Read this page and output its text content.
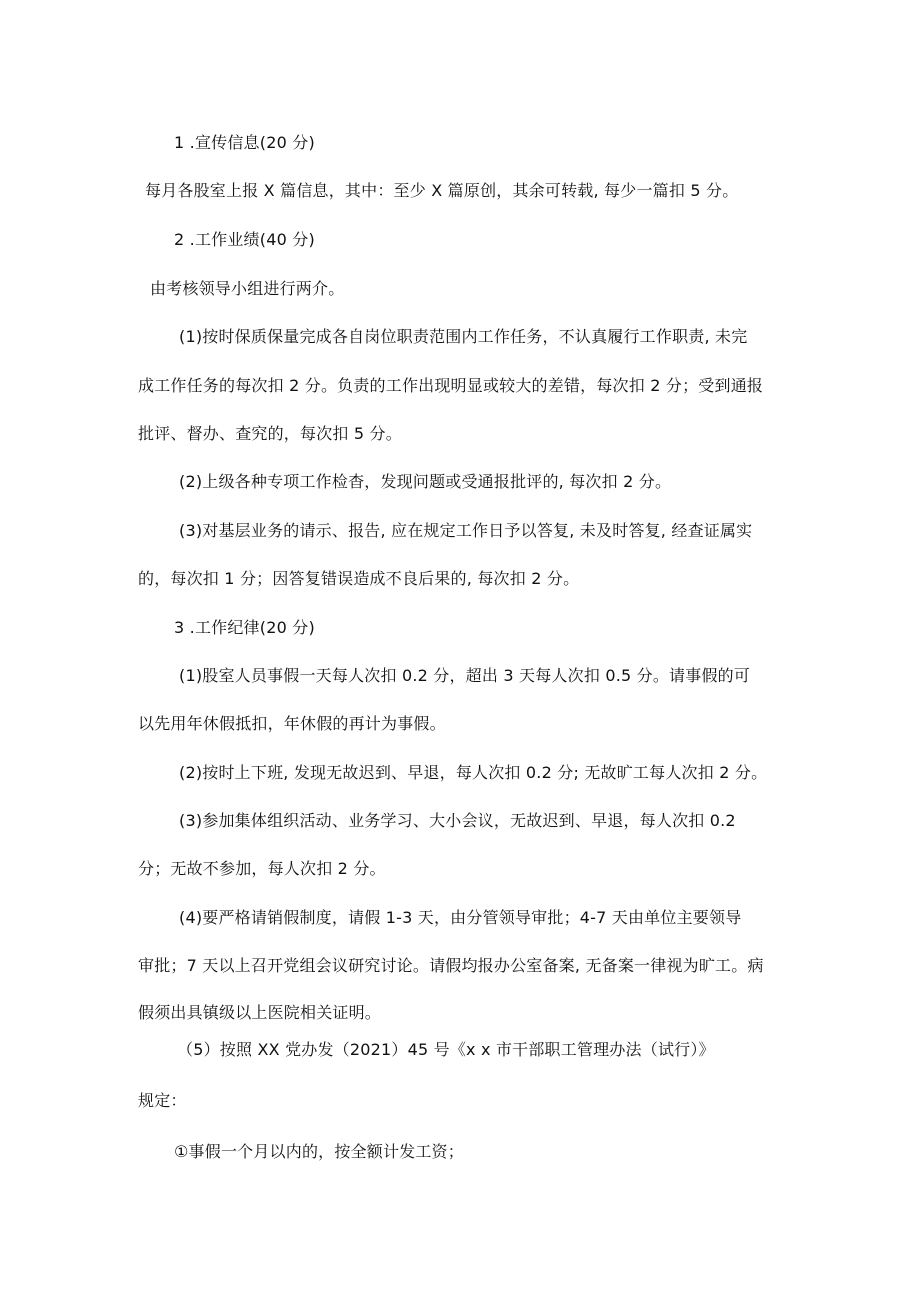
1 .宣传信息(20 分)
每月各股室上报 X 篇信息，其中：至少 X 篇原创，其余可转载, 每少一篇扣 5 分。
2 .工作业绩(40 分)
由考核领导小组进行两介。
(1)按时保质保量完成各自岗位职责范围内工作任务，不认真履行工作职责, 未完
成工作任务的每次扣 2 分。负责的工作出现明显或较大的差错，每次扣 2 分；受到通报
批评、督办、查究的，每次扣 5 分。
(2)上级各种专项工作检杳，发现问题或受通报批评的, 每次扣 2 分。
(3)对基层业务的请示、报告, 应在规定工作日予以答复, 未及时答复, 经查证属实
的，每次扣 1 分；因答复错误造成不良后果的, 每次扣 2 分。
3 .工作纪律(20 分)
(1)股室人员事假一天每人次扣 0.2 分，超出 3 天每人次扣 0.5 分。请事假的可
以先用年休假抵扣，年休假的再计为事假。
(2)按时上下班, 发现无故迟到、早退，每人次扣 0.2 分; 无故旷工每人次扣 2 分。
(3)参加集体组织活动、业务学习、大小会议，无故迟到、早退，每人次扣 0.2
分；无故不参加，每人次扣 2 分。
(4)要严格请销假制度，请假 1-3 天，由分管领导审批；4-7 天由单位主要领导
审批；7 天以上召开党组会议研究讨论。请假均报办公室备案, 无备案一律视为旷工。病
假须出具镇级以上医院相关证明。
（5）按照 XX 党办发（2021）45 号《x x 市干部职工管理办法（试行）》
规定：
①事假一个月以内的，按全额计发工资；
